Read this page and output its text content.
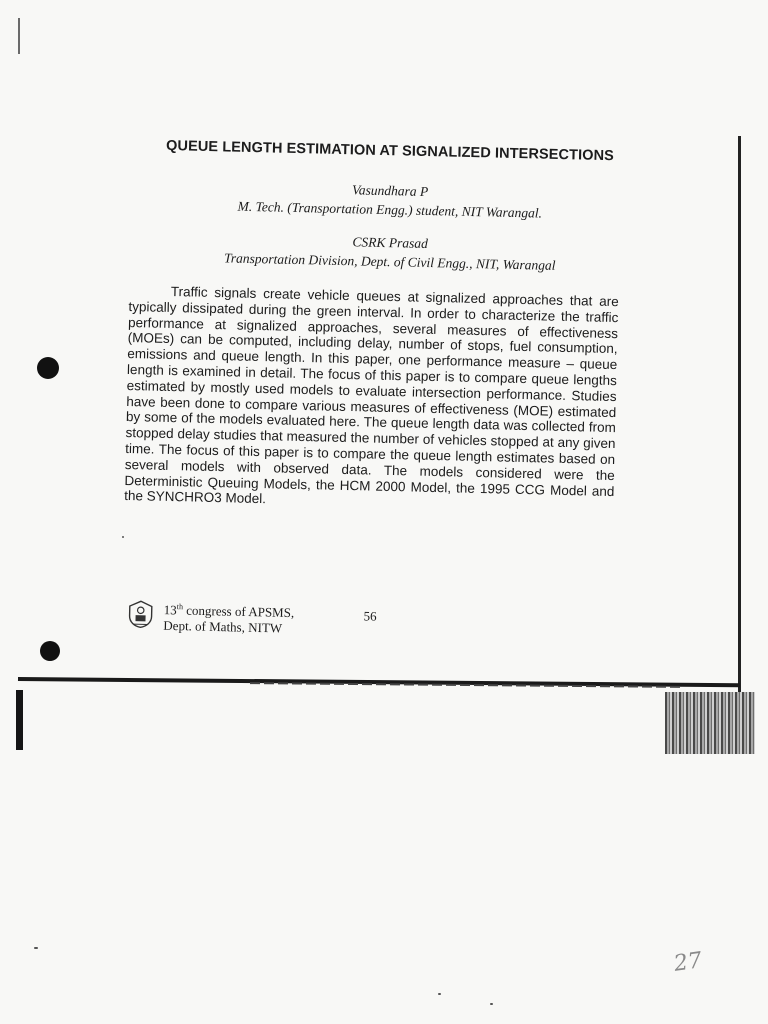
QUEUE LENGTH ESTIMATION AT SIGNALIZED INTERSECTIONS
Vasundhara P
M. Tech. (Transportation Engg.) student, NIT Warangal.
CSRK Prasad
Transportation Division, Dept. of Civil Engg., NIT, Warangal

Traffic signals create vehicle queues at signalized approaches that are typically dissipated during the green interval. In order to characterize the traffic performance at signalized approaches, several measures of effectiveness (MOEs) can be computed, including delay, number of stops, fuel consumption, emissions and queue length. In this paper, one performance measure – queue length is examined in detail. The focus of this paper is to compare queue lengths estimated by mostly used models to evaluate intersection performance. Studies have been done to compare various measures of effectiveness (MOE) estimated by some of the models evaluated here. The queue length data was collected from stopped delay studies that measured the number of vehicles stopped at any given time. The focus of this paper is to compare the queue length estimates based on several models with observed data. The models considered were the Deterministic Queuing Models, the HCM 2000 Model, the 1995 CCG Model and the SYNCHRO3 Model.

13th congress of APSMS,
Dept. of Maths, NITW
56
27
